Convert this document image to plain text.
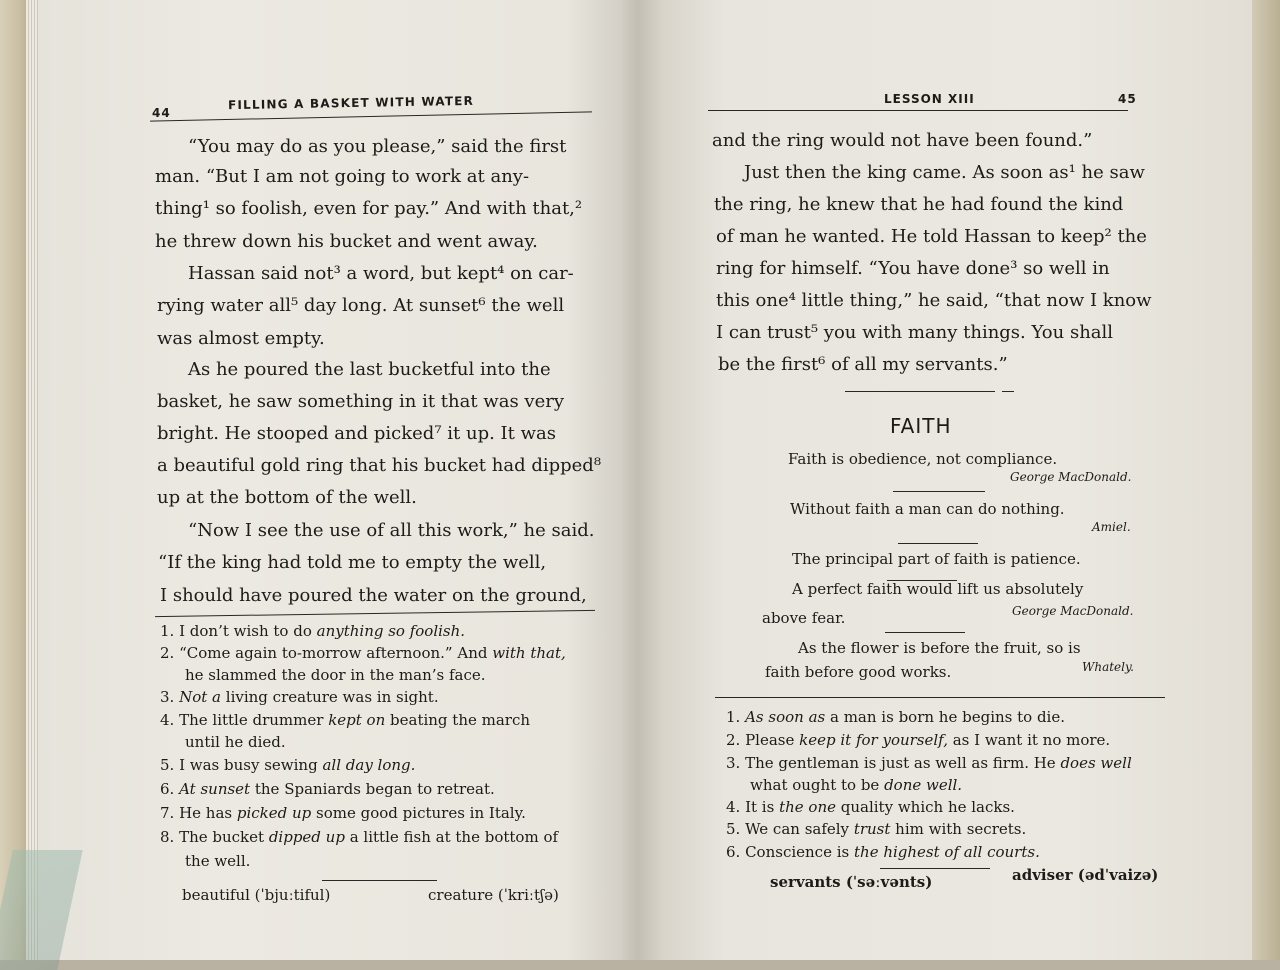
44
FILLING A BASKET WITH WATER
“You may do as you please,” said the first
man. “But I am not going to work at any-
thing¹ so foolish, even for pay.” And with that,²
he threw down his bucket and went away.
Hassan said not³ a word, but kept⁴ on car-
rying water all⁵ day long. At sunset⁶ the well
was almost empty.
As he poured the last bucketful into the
basket, he saw something in it that was very
bright. He stooped and picked⁷ it up. It was
a beautiful gold ring that his bucket had dipped⁸
up at the bottom of the well.
“Now I see the use of all this work,” he said.
“If the king had told me to empty the well,
I should have poured the water on the ground,
1. I don’t wish to do anything so foolish.
2. “Come again to-morrow afternoon.” And with that,
he slammed the door in the man’s face.
3. Not a living creature was in sight.
4. The little drummer kept on beating the march
until he died.
5. I was busy sewing all day long.
6. At sunset the Spaniards began to retreat.
7. He has picked up some good pictures in Italy.
8. The bucket dipped up a little fish at the bottom of
the well.
beautiful (ˈbjuːtiful)	creature (ˈkriːtʃə)
LESSON XIII	45
and the ring would not have been found.”
Just then the king came. As soon as¹ he saw
the ring, he knew that he had found the kind
of man he wanted. He told Hassan to keep² the
ring for himself. “You have done³ so well in
this one⁴ little thing,” he said, “that now I know
I can trust⁵ you with many things. You shall
be the first⁶ of all my servants.”
FAITH
Faith is obedience, not compliance.
George MacDonald.
Without faith a man can do nothing.
Amiel.
The principal part of faith is patience.
A perfect faith would lift us absolutely
above fear.	George MacDonald.
As the flower is before the fruit, so is
faith before good works.	Whately.
1. As soon as a man is born he begins to die.
2. Please keep it for yourself, as I want it no more.
3. The gentleman is just as well as firm. He does well
what ought to be done well.
4. It is the one quality which he lacks.
5. We can safely trust him with secrets.
6. Conscience is the highest of all courts.
servants (ˈsəːvənts)	adviser (ədˈvaizə)
